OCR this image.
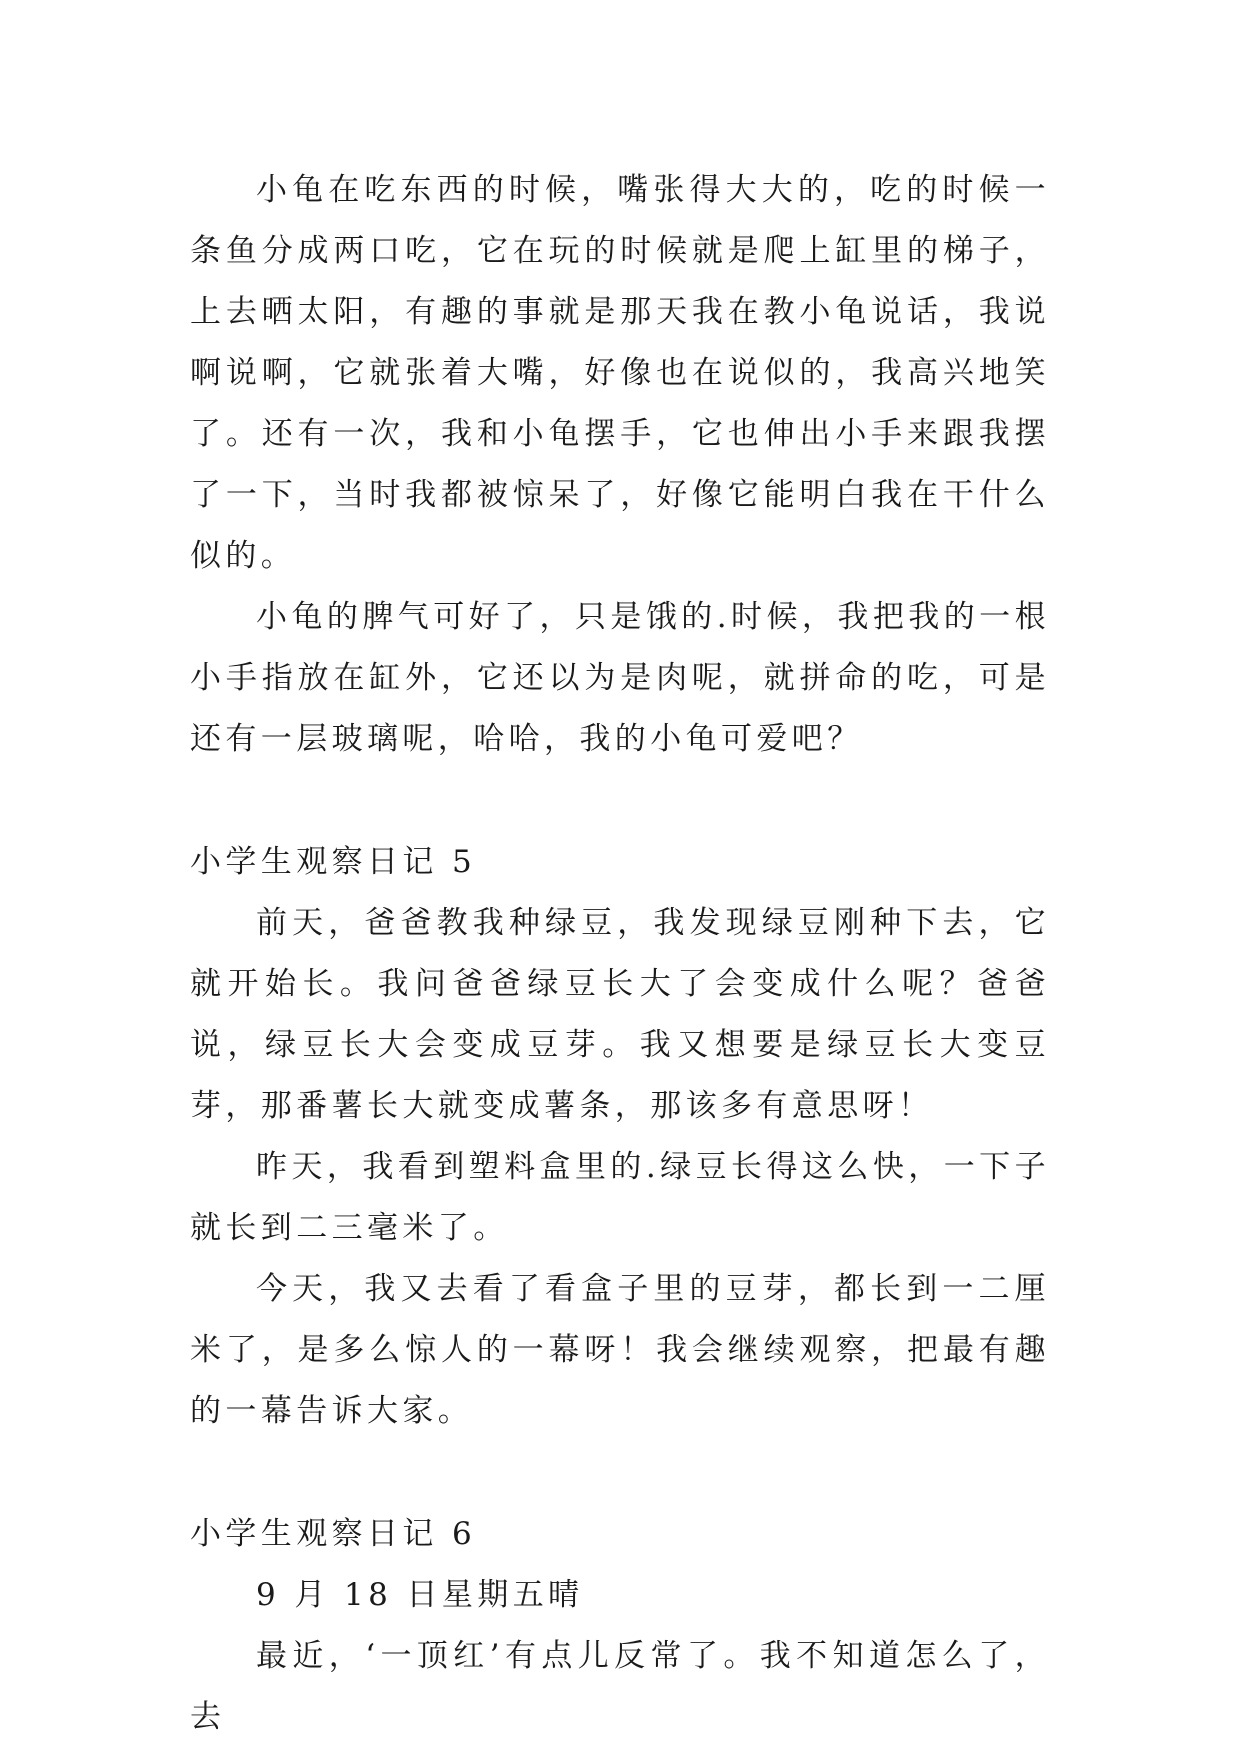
小龟在吃东西的时候，嘴张得大大的，吃的时候一条鱼分成两口吃，它在玩的时候就是爬上缸里的梯子，上去晒太阳，有趣的事就是那天我在教小龟说话，我说啊说啊，它就张着大嘴，好像也在说似的，我高兴地笑了。还有一次，我和小龟摆手，它也伸出小手来跟我摆了一下，当时我都被惊呆了，好像它能明白我在干什么似的。

小龟的脾气可好了，只是饿的.时候，我把我的一根小手指放在缸外，它还以为是肉呢，就拼命的吃，可是还有一层玻璃呢，哈哈，我的小龟可爱吧？

小学生观察日记 5

前天，爸爸教我种绿豆，我发现绿豆刚种下去，它就开始长。我问爸爸绿豆长大了会变成什么呢？爸爸说，绿豆长大会变成豆芽。我又想要是绿豆长大变豆芽，那番薯长大就变成薯条，那该多有意思呀！

昨天，我看到塑料盒里的.绿豆长得这么快，一下子就长到二三毫米了。

今天，我又去看了看盒子里的豆芽，都长到一二厘米了，是多么惊人的一幕呀！我会继续观察，把最有趣的一幕告诉大家。

小学生观察日记 6

9 月 18 日星期五晴

最近，‘一顶红’有点儿反常了。我不知道怎么了，去
